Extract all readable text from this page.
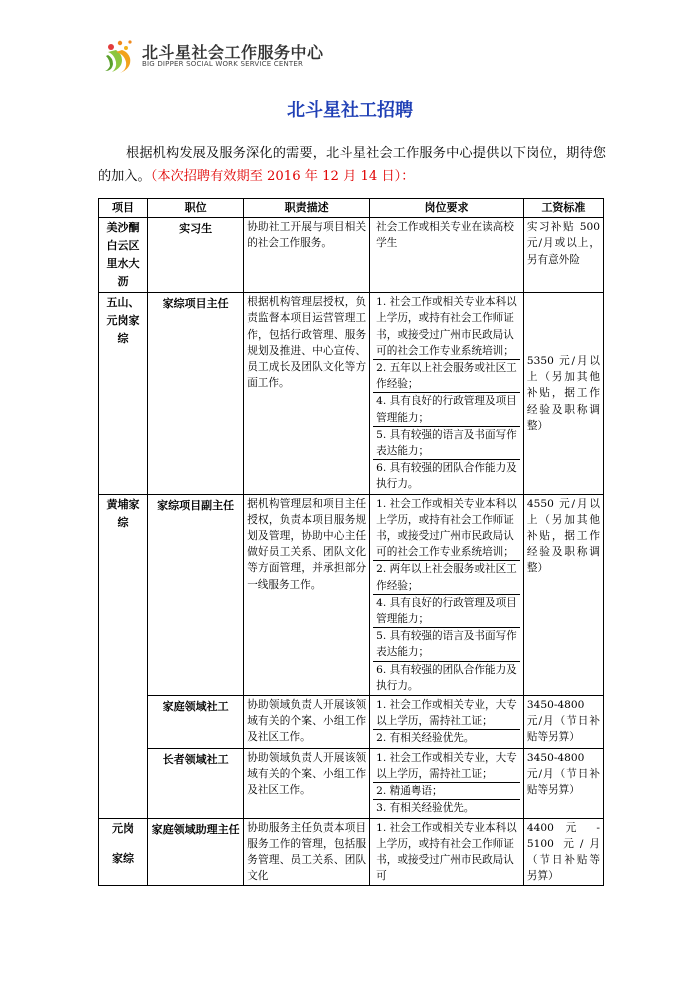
北斗星社会工作服务中心
BIG DIPPER SOCIAL WORK SERVICE CENTER
北斗星社工招聘
根据机构发展及服务深化的需要，北斗星社会工作服务中心提供以下岗位，期待您的加入。（本次招聘有效期至 2016 年 12 月 14 日）：
项目	职位	职责描述	岗位要求	工资标准
美沙酮白云区里水大沥	实习生	协助社工开展与项目相关的社会工作服务。	社会工作或相关专业在读高校学生	实习补贴 500 元/月或以上，另有意外险
五山、元岗家综	家综项目主任	根据机构管理层授权，负责监督本项目运营管理工作，包括行政管理、服务规划及推进、中心宣传、员工成长及团队文化等方面工作。	1. 社会工作或相关专业本科以上学历，或持有社会工作师证书，或接受过广州市民政局认可的社会工作专业系统培训；
2. 五年以上社会服务或社区工作经验；
4. 具有良好的行政管理及项目管理能力；
5. 具有较强的语言及书面写作表达能力；
6. 具有较强的团队合作能力及执行力。	5350 元/月以上（另加其他补贴，据工作经验及职称调整）
黄埔家综	家综项目副主任	据机构管理层和项目主任授权，负责本项目服务规划及管理，协助中心主任做好员工关系、团队文化等方面管理，并承担部分一线服务工作。	1. 社会工作或相关专业本科以上学历，或持有社会工作师证书，或接受过广州市民政局认可的社会工作专业系统培训；
2. 两年以上社会服务或社区工作经验；
4. 具有良好的行政管理及项目管理能力；
5. 具有较强的语言及书面写作表达能力；
6. 具有较强的团队合作能力及执行力。	4550 元/月以上（另加其他补贴，据工作经验及职称调整）
	家庭领域社工	协助领域负责人开展该领域有关的个案、小组工作及社区工作。	1. 社会工作或相关专业，大专以上学历，需持社工证；
2. 有相关经验优先。	3450-4800 元/月（节日补贴等另算）
	长者领域社工	协助领域负责人开展该领域有关的个案、小组工作及社区工作。	1. 社会工作或相关专业，大专以上学历，需持社工证；
2. 精通粤语；
3. 有相关经验优先。	3450-4800 元/月（节日补贴等另算）

元岗
家综	家庭领域助理主任	协助服务主任负责本项目服务工作的管理，包括服务管理、员工关系、团队文化	1. 社会工作或相关专业本科以上学历，或持有社会工作师证书，或接受过广州市民政局认可	4400 元 - 5100 元/月（节日补贴等另算）
